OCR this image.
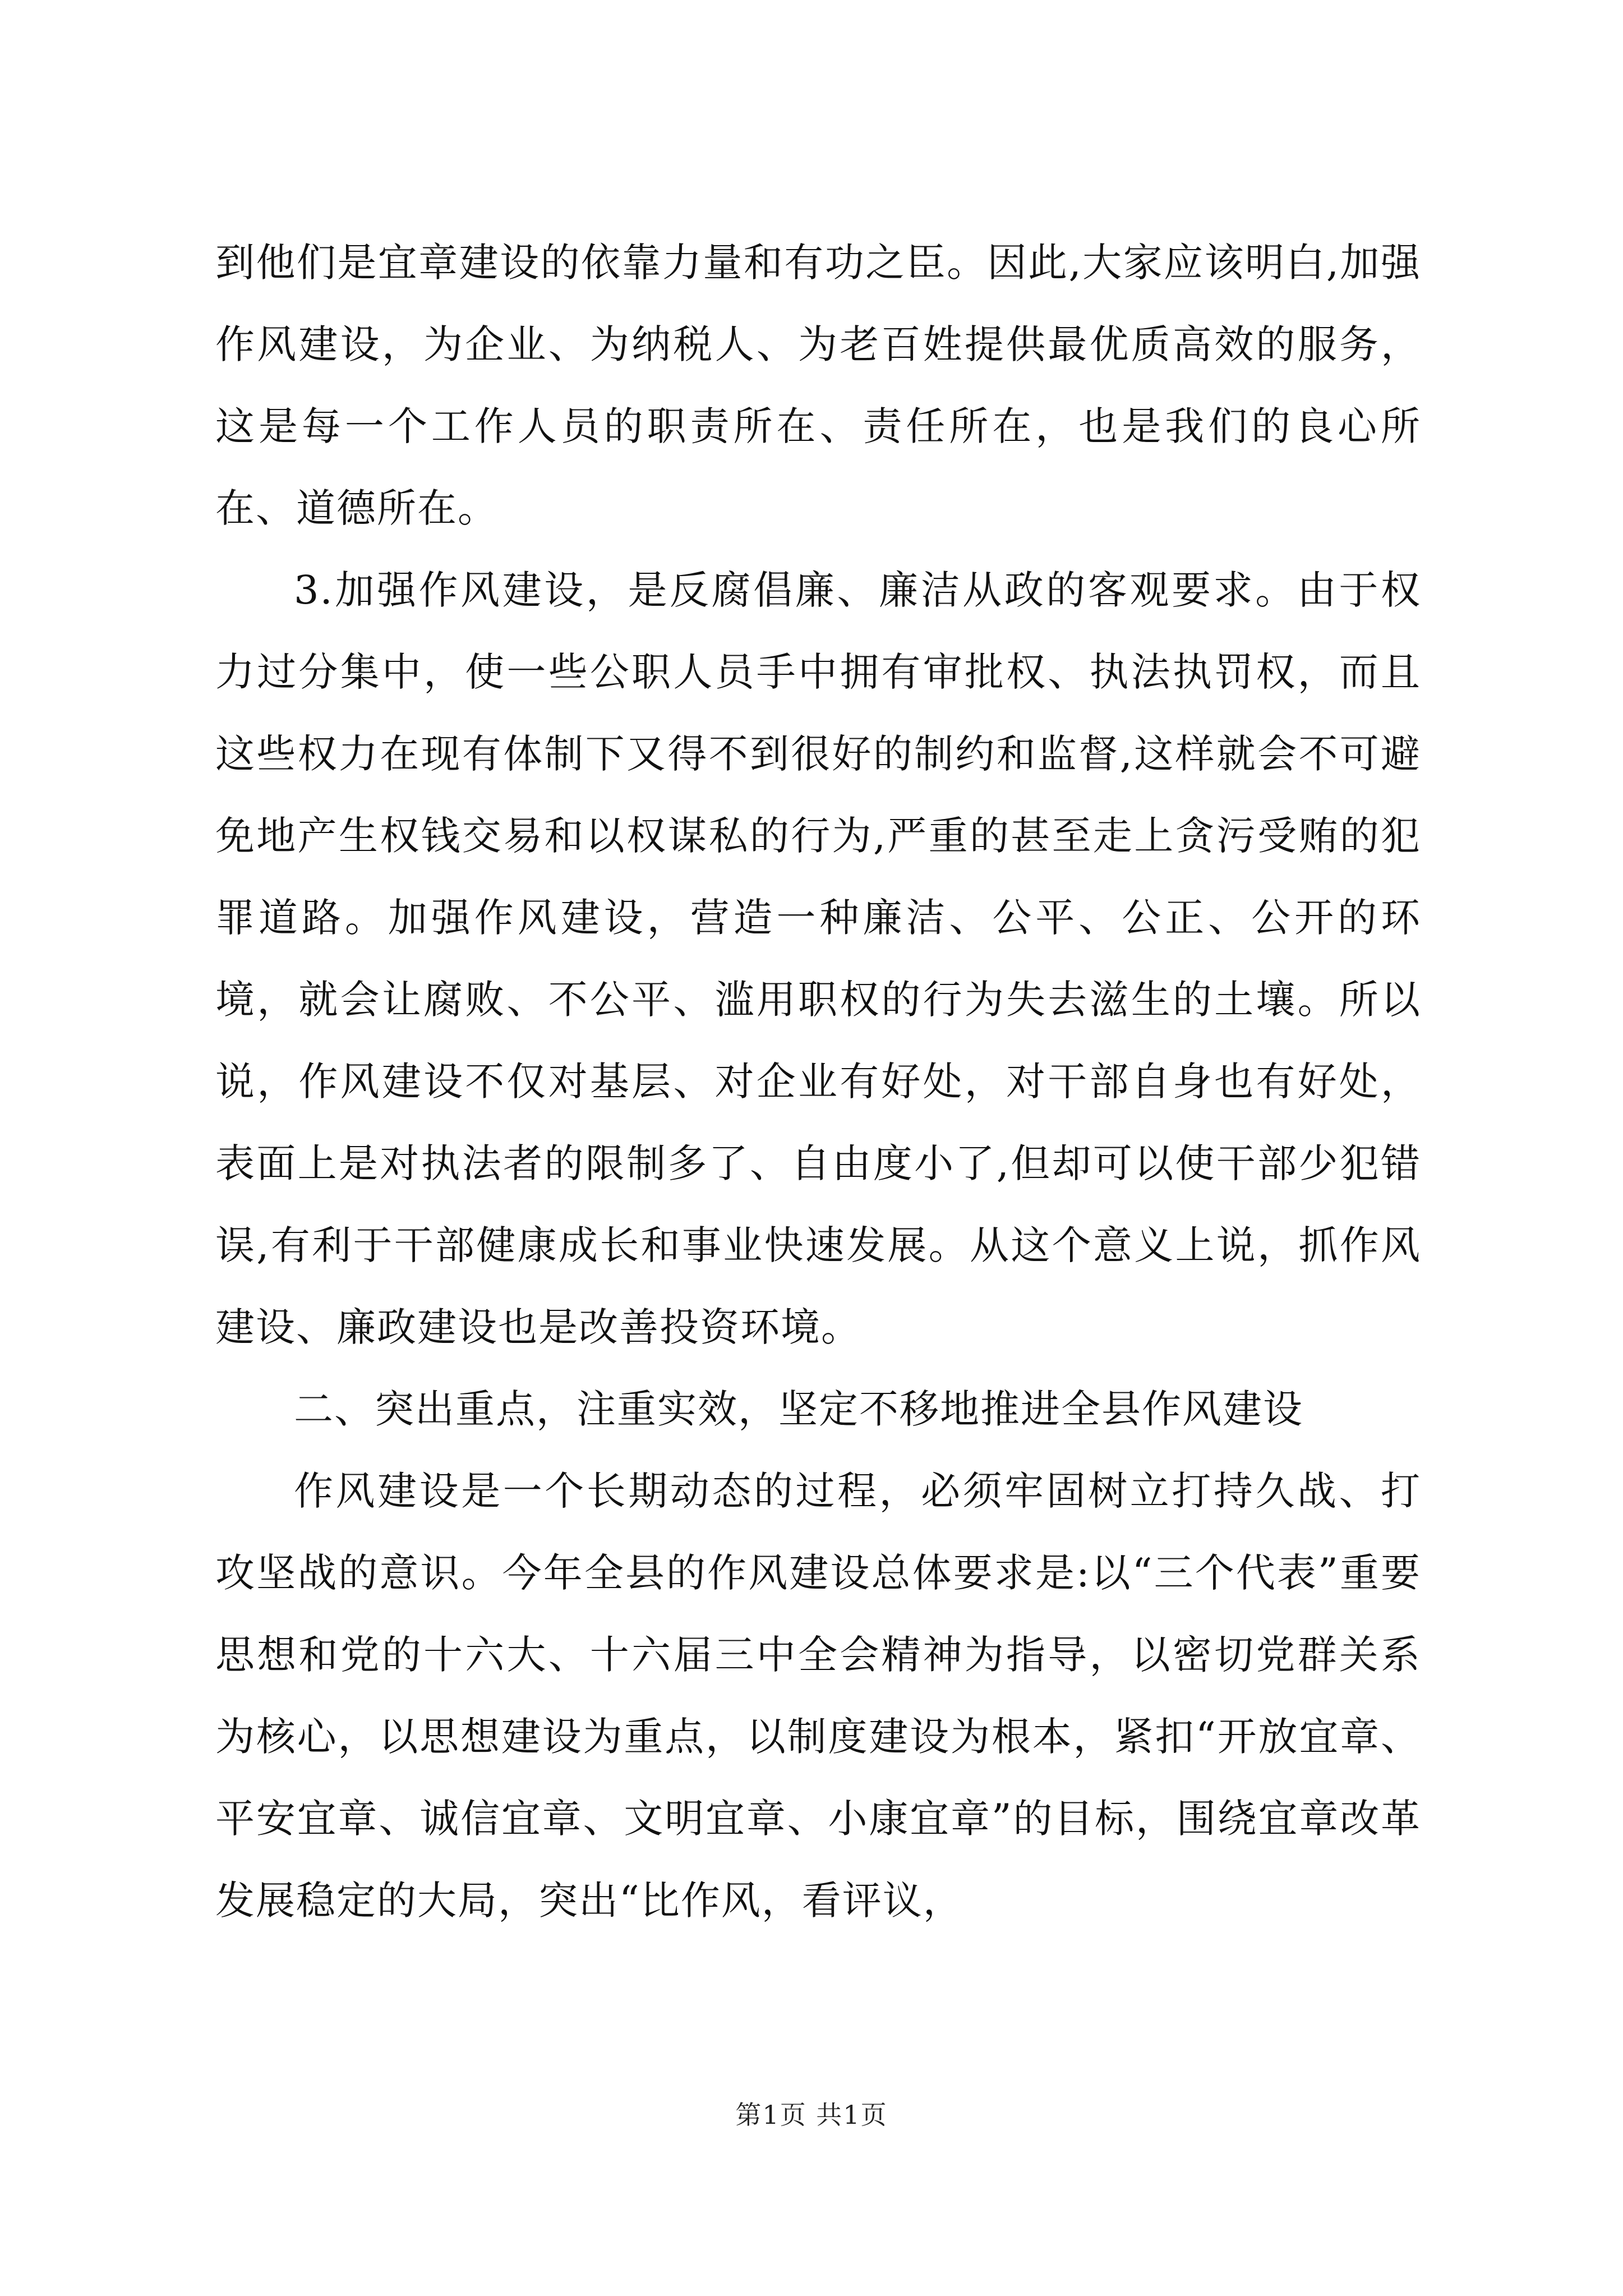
到他们是宜章建设的依靠力量和有功之臣。因此,大家应该明白,加强作风建设，为企业、为纳税人、为老百姓提供最优质高效的服务，这是每一个工作人员的职责所在、责任所在，也是我们的良心所在、道德所在。

3.加强作风建设，是反腐倡廉、廉洁从政的客观要求。由于权力过分集中，使一些公职人员手中拥有审批权、执法执罚权，而且这些权力在现有体制下又得不到很好的制约和监督,这样就会不可避免地产生权钱交易和以权谋私的行为,严重的甚至走上贪污受贿的犯罪道路。加强作风建设，营造一种廉洁、公平、公正、公开的环境，就会让腐败、不公平、滥用职权的行为失去滋生的土壤。所以说，作风建设不仅对基层、对企业有好处，对干部自身也有好处，表面上是对执法者的限制多了、自由度小了,但却可以使干部少犯错误,有利于干部健康成长和事业快速发展。从这个意义上说，抓作风建设、廉政建设也是改善投资环境。

二、突出重点，注重实效，坚定不移地推进全县作风建设

作风建设是一个长期动态的过程，必须牢固树立打持久战、打攻坚战的意识。今年全县的作风建设总体要求是:以“三个代表”重要思想和党的十六大、十六届三中全会精神为指导，以密切党群关系为核心，以思想建设为重点，以制度建设为根本，紧扣“开放宜章、平安宜章、诚信宜章、文明宜章、小康宜章”的目标，围绕宜章改革发展稳定的大局，突出“比作风，看评议，

第1页 共1页
